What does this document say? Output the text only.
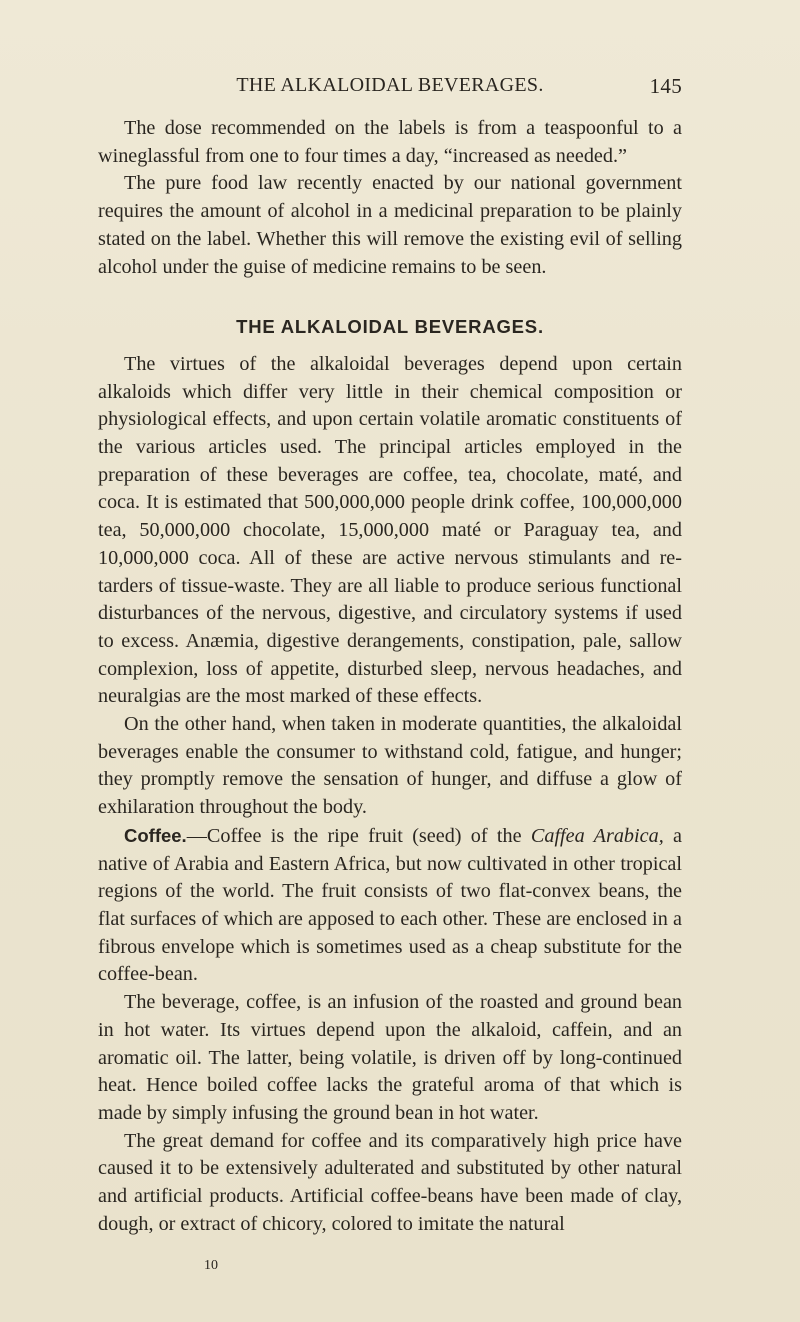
THE ALKALOIDAL BEVERAGES.	145

The dose recommended on the labels is from a teaspoonful to a wineglassful from one to four times a day, “increased as needed.”

The pure food law recently enacted by our national government requires the amount of alcohol in a medicinal preparation to be plainly stated on the label. Whether this will remove the existing evil of selling alcohol under the guise of medicine remains to be seen.

THE ALKALOIDAL BEVERAGES.

The virtues of the alkaloidal beverages depend upon certain alkaloids which differ very little in their chemical composition or physiological effects, and upon certain volatile aromatic constituents of the various articles used. The principal articles employed in the preparation of these beverages are coffee, tea, chocolate, maté, and coca. It is estimated that 500,000,000 people drink coffee, 100,000,000 tea, 50,000,000 chocolate, 15,000,000 maté or Paraguay tea, and 10,000,000 coca. All of these are active nervous stimulants and retarders of tissue-waste. They are all liable to produce serious functional disturbances of the nervous, digestive, and circulatory systems if used to excess. Anæmia, digestive derangements, constipation, pale, sallow complexion, loss of appetite, disturbed sleep, nervous headaches, and neuralgias are the most marked of these effects.

On the other hand, when taken in moderate quantities, the alkaloidal beverages enable the consumer to withstand cold, fatigue, and hunger; they promptly remove the sensation of hunger, and diffuse a glow of exhilaration throughout the body.

Coffee.—Coffee is the ripe fruit (seed) of the Caffea Arabica, a native of Arabia and Eastern Africa, but now cultivated in other tropical regions of the world. The fruit consists of two flat-convex beans, the flat surfaces of which are apposed to each other. These are enclosed in a fibrous envelope which is sometimes used as a cheap substitute for the coffee-bean.

The beverage, coffee, is an infusion of the roasted and ground bean in hot water. Its virtues depend upon the alkaloid, caffein, and an aromatic oil. The latter, being volatile, is driven off by long-continued heat. Hence boiled coffee lacks the grateful aroma of that which is made by simply infusing the ground bean in hot water.

The great demand for coffee and its comparatively high price have caused it to be extensively adulterated and substituted by other natural and artificial products. Artificial coffee-beans have been made of clay, dough, or extract of chicory, colored to imitate the natural

10
